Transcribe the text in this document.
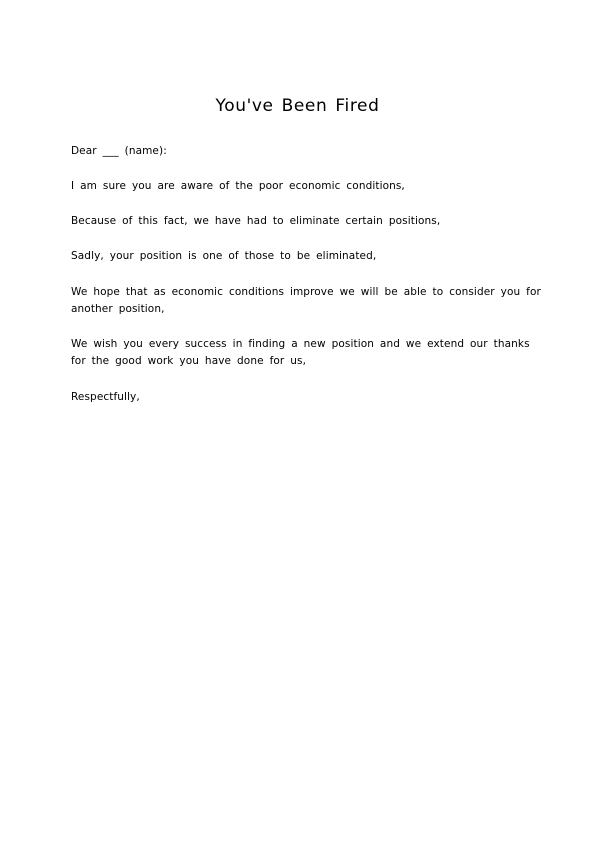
You've Been Fired
Dear ___ (name):
I am sure you are aware of the poor economic conditions,
Because of this fact, we have had to eliminate certain positions,
Sadly, your position is one of those to be eliminated,
We hope that as economic conditions improve we will be able to consider you for
another position,
We wish you every success in finding a new position and we extend our thanks
for the good work you have done for us,
Respectfully,
